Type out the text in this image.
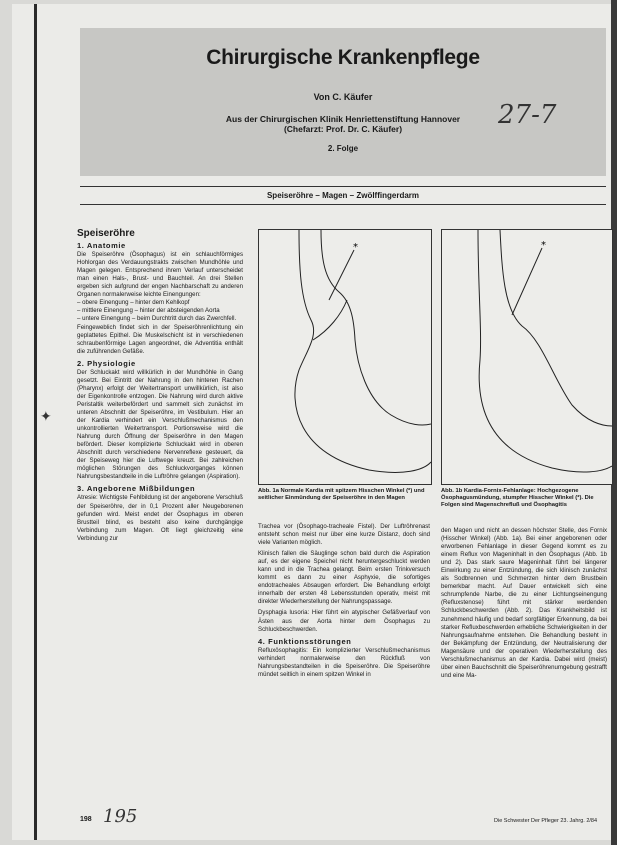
Chirurgische Krankenpflege
Von C. Käufer
Aus der Chirurgischen Klinik Henriettenstiftung Hannover
(Chefarzt: Prof. Dr. C. Käufer)
2. Folge
27-7
Speiseröhre – Magen – Zwölffingerdarm
Speiseröhre
1. Anatomie

Die Speiseröhre (Ösophagus) ist ein schlauchförmiges Hohlorgan des Verdauungstrakts zwischen Mundhöhle und Magen gelegen. Entsprechend ihrem Verlauf unterscheidet man einen Hals-, Brust- und Bauchteil. An drei Stellen ergeben sich aufgrund der engen Nachbarschaft zu anderen Organen normalerweise leichte Einengungen:

– obere Einengung – hinter dem Kehlkopf

– mittlere Einengung – hinter der absteigenden Aorta

– untere Einengung – beim Durchtritt durch das Zwerchfell.

Feingeweblich findet sich in der Speiseröhrenlichtung ein geplattetes Epithel. Die Muskelschicht ist in verschiedenen schraubenförmige Lagen angeordnet, die Adventitia enthält die zuführenden Gefäße.

2. Physiologie

Der Schluckakt wird willkürlich in der Mundhöhle in Gang gesetzt. Bei Eintritt der Nahrung in den hinteren Rachen (Pharynx) erfolgt der Weitertransport unwillkürlich, ist also der Eigenkontrolle entzogen. Die Nahrung wird durch aktive Peristaltik weiterbefördert und sammelt sich zunächst im unteren Abschnitt der Speiseröhre, im Vestibulum. Hier an der Kardia verhindert ein Verschlußmechanismus den unkontrollierten Weitertransport. Portionsweise wird die Nahrung durch Öffnung der Speiseröhre in den Magen befördert. Dieser komplizierte Schluckakt wird in oberen Abschnitt durch verschiedene Nervenreflexe gesteuert, da der Speiseweg hier die Luftwege kreuzt. Bei zahlreichen möglichen Störungen des Schluckvorganges können Nahrungsbestandteile in die Luftröhre gelangen (Aspiration).

3. Angeborene Mißbildungen

Atresie: Wichtigste Fehlbildung ist der angeborene Verschluß der Speiseröhre, der in 0,1 Prozent aller Neugeborenen gefunden wird. Meist endet der Ösophagus im oberen Brustteil blind, es besteht also keine durchgängige Verbindung zum Magen. Oft liegt gleichzeitig eine Verbindung zur

*
Abb. 1a Normale Kardia mit spitzem Hisschen Winkel (*) und seitlicher Einmündung der Speiseröhre in den Magen
*
Abb. 1b Kardia-Fornix-Fehlanlage: Hochgezogene Ösophagusmündung, stumpfer Hisscher Winkel (*). Die Folgen sind Magenschrefluß und Ösophagitis

Trachea vor (Ösophago-tracheale Fistel). Der Luftröhrenast entsteht schon meist nur über eine kurze Distanz, doch sind viele Varianten möglich.

Klinisch fallen die Säuglinge schon bald durch die Aspiration auf, es der eigene Speichel nicht heruntergeschluckt werden kann und in die Trachea gelangt. Beim ersten Trinkversuch kommt es dann zu einer Asphyxie, die sofortiges endotracheales Absaugen erfordert. Die Behandlung erfolgt innerhalb der ersten 48 Lebensstunden operativ, meist mit direkter Wiederherstellung der Nahrungspassage.

Dysphagia lusoria: Hier führt ein atypischer Gefäßverlauf von Ästen aus der Aorta hinter dem Ösophagus zu Schluckbeschwerden.

4. Funktionsstörungen

Refluxösophagitis: Ein komplizierter Verschlußmechanismus verhindert normalerweise den Rückfluß von Nahrungsbestandteilen in die Speiseröhre. Die Speiseröhre mündet seitlich in einem spitzen Winkel in

den Magen und nicht an dessen höchster Stelle, des Fornix (Hisscher Winkel) (Abb. 1a). Bei einer angeborenen oder erworbenen Fehlanlage in dieser Gegend kommt es zu einem Reflux von Mageninhalt in den Ösophagus (Abb. 1b und 2). Das stark saure Mageninhalt führt bei längerer Einwirkung zu einer Entzündung, die sich klinisch zunächst als Sodbrennen und Schmerzen hinter dem Brustbein bemerkbar macht. Auf Dauer entwickelt sich eine schrumpfende Narbe, die zu einer Lichtungseinengung (Refluxstenose) führt mit stärker werdenden Schluckbeschwerden (Abb. 2). Das Krankheitsbild ist zunehmend häufig und bedarf sorgfältiger Erkennung, da bei starker Refluxbeschwerden erhebliche Schwierigkeiten in der Nahrungsaufnahme entstehen. Die Behandlung besteht in der Bekämpfung der Entzündung, der Neutralisierung der Magensäure und der operativen Wiederherstellung des Verschlußmechanismus an der Kardia. Dabei wird (meist) über einen Bauchschnitt die Speiseröhrenumgebung gestrafft und eine Ma-

✦
198 195	Die Schwester Der Pfleger 23. Jahrg. 2/84
